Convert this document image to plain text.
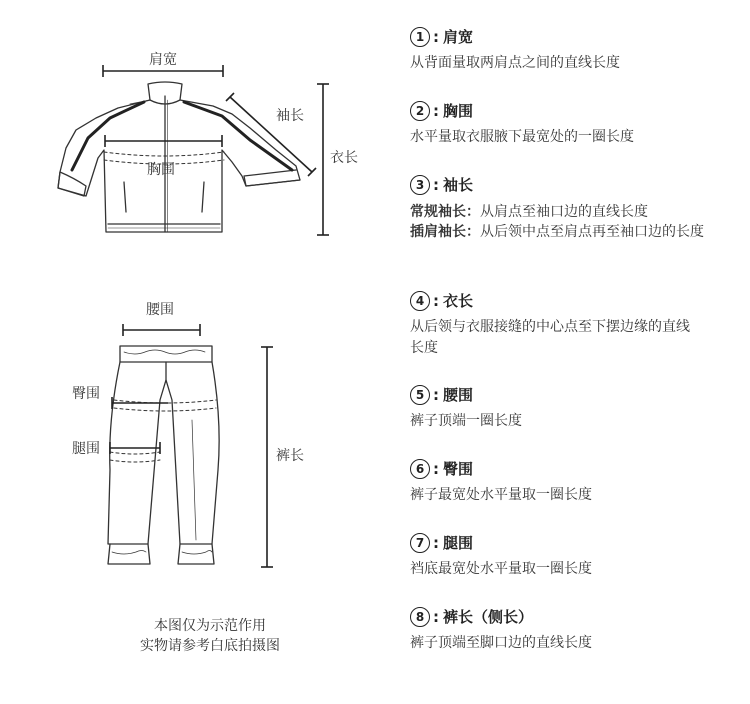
肩宽
袖长
胸围
衣长
腰围
臀围
腿围	裤长
本图仅为示范作用
实物请参考白底拍摄图
1 : 肩宽
从背面量取两肩点之间的直线长度
2 : 胸围
水平量取衣服腋下最宽处的一圈长度
3 : 袖长
常规袖长： 从肩点至袖口边的直线长度
插肩袖长： 从后领中点至肩点再至袖口边的长度
4 : 衣长
从后领与衣服接缝的中心点至下摆边缘的直线长度
5 : 腰围
裤子顶端一圈长度
6 : 臀围
裤子最宽处水平量取一圈长度
7 : 腿围
裆底最宽处水平量取一圈长度
8 : 裤长（侧长）
裤子顶端至脚口边的直线长度
